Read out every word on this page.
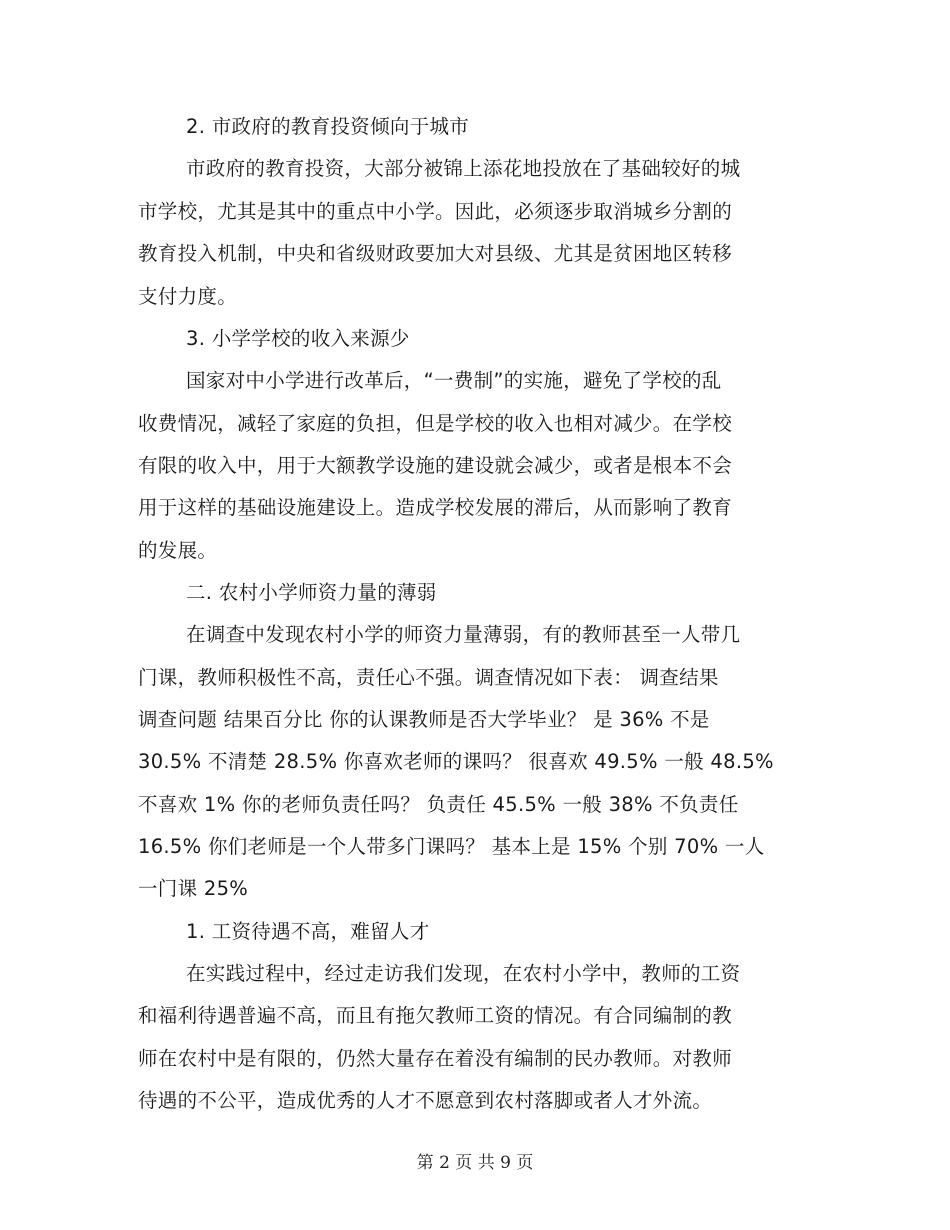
2. 市政府的教育投资倾向于城市
市政府的教育投资，大部分被锦上添花地投放在了基础较好的城
市学校，尤其是其中的重点中小学。因此，必须逐步取消城乡分割的
教育投入机制，中央和省级财政要加大对县级、尤其是贫困地区转移
支付力度。
3. 小学学校的收入来源少
国家对中小学进行改革后，“一费制”的实施，避免了学校的乱
收费情况，减轻了家庭的负担，但是学校的收入也相对减少。在学校
有限的收入中，用于大额教学设施的建设就会减少，或者是根本不会
用于这样的基础设施建设上。造成学校发展的滞后，从而影响了教育
的发展。
二. 农村小学师资力量的薄弱
在调查中发现农村小学的师资力量薄弱，有的教师甚至一人带几
门课，教师积极性不高，责任心不强。调查情况如下表： 调查结果
调查问题 结果百分比 你的认课教师是否大学毕业？ 是 36% 不是
30.5% 不清楚 28.5% 你喜欢老师的课吗？ 很喜欢 49.5% 一般 48.5%
不喜欢 1% 你的老师负责任吗？ 负责任 45.5% 一般 38% 不负责任
16.5% 你们老师是一个人带多门课吗？ 基本上是 15% 个别 70% 一人
一门课 25%
1. 工资待遇不高，难留人才
在实践过程中，经过走访我们发现，在农村小学中，教师的工资
和福利待遇普遍不高，而且有拖欠教师工资的情况。有合同编制的教
师在农村中是有限的，仍然大量存在着没有编制的民办教师。对教师
待遇的不公平，造成优秀的人才不愿意到农村落脚或者人才外流。
第 2 页 共 9 页
